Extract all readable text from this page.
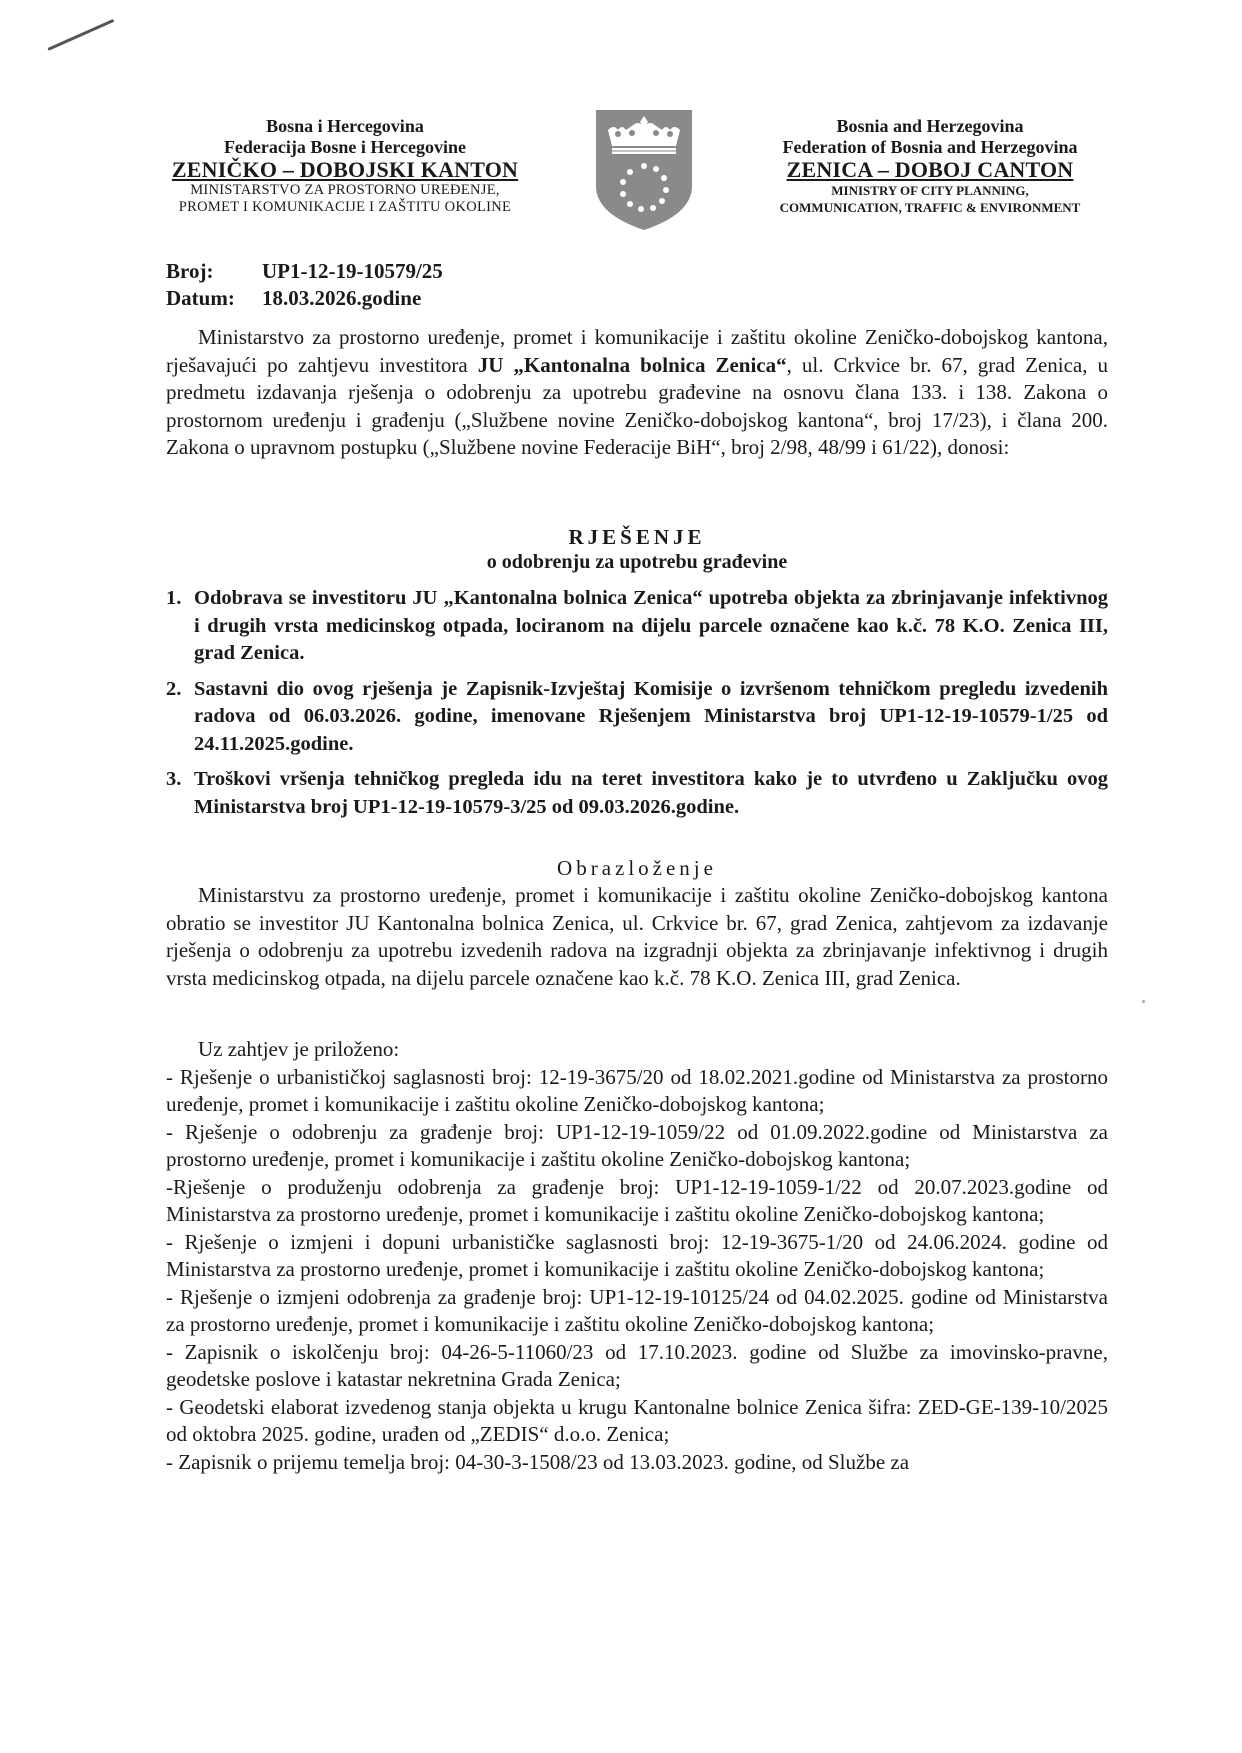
Bosna i Hercegovina
Federacija Bosne i Hercegovine
ZENIČKO – DOBOJSKI KANTON
MINISTARSTVO ZA PROSTORNO UREĐENJE,
PROMET I KOMUNIKACIJE I ZAŠTITU OKOLINE
Bosnia and Herzegovina
Federation of Bosnia and Herzegovina
ZENICA – DOBOJ CANTON
MINISTRY OF CITY PLANNING,
COMMUNICATION, TRAFFIC & ENVIRONMENT
Broj:	UP1-12-19-10579/25
Datum:	18.03.2026.godine
Ministarstvo za prostorno uređenje, promet i komunikacije i zaštitu okoline Zeničko-dobojskog kantona, rješavajući po zahtjevu investitora JU „Kantonalna bolnica Zenica“, ul. Crkvice br. 67, grad Zenica, u predmetu izdavanja rješenja o odobrenju za upotrebu građevine na osnovu člana 133. i 138. Zakona o prostornom uređenju i građenju („Službene novine Zeničko-dobojskog kantona“, broj 17/23), i člana 200. Zakona o upravnom postupku („Službene novine Federacije BiH“, broj 2/98, 48/99 i 61/22), donosi:
RJEŠENJE
o odobrenju za upotrebu građevine
1. Odobrava se investitoru JU „Kantonalna bolnica Zenica“ upotreba objekta za zbrinjavanje infektivnog i drugih vrsta medicinskog otpada, lociranom na dijelu parcele označene kao k.č. 78 K.O. Zenica III, grad Zenica.
2. Sastavni dio ovog rješenja je Zapisnik-Izvještaj Komisije o izvršenom tehničkom pregledu izvedenih radova od 06.03.2026. godine, imenovane Rješenjem Ministarstva broj UP1-12-19-10579-1/25 od 24.11.2025.godine.
3. Troškovi vršenja tehničkog pregleda idu na teret investitora kako je to utvrđeno u Zaključku ovog Ministarstva broj UP1-12-19-10579-3/25 od 09.03.2026.godine.
Obrazloženje
Ministarstvu za prostorno uređenje, promet i komunikacije i zaštitu okoline Zeničko-dobojskog kantona obratio se investitor JU Kantonalna bolnica Zenica, ul. Crkvice br. 67, grad Zenica, zahtjevom za izdavanje rješenja o odobrenju za upotrebu izvedenih radova na izgradnji objekta za zbrinjavanje infektivnog i drugih vrsta medicinskog otpada, na dijelu parcele označene kao k.č. 78 K.O. Zenica III, grad Zenica.
Uz zahtjev je priloženo:
- Rješenje o urbanističkoj saglasnosti broj: 12-19-3675/20 od 18.02.2021.godine od Ministarstva za prostorno uređenje, promet i komunikacije i zaštitu okoline Zeničko-dobojskog kantona;
- Rješenje o odobrenju za građenje broj: UP1-12-19-1059/22 od 01.09.2022.godine od Ministarstva za prostorno uređenje, promet i komunikacije i zaštitu okoline Zeničko-dobojskog kantona;
-Rješenje o produženju odobrenja za građenje broj: UP1-12-19-1059-1/22 od 20.07.2023.godine od Ministarstva za prostorno uređenje, promet i komunikacije i zaštitu okoline Zeničko-dobojskog kantona;
- Rješenje o izmjeni i dopuni urbanističke saglasnosti broj: 12-19-3675-1/20 od 24.06.2024. godine od Ministarstva za prostorno uređenje, promet i komunikacije i zaštitu okoline Zeničko-dobojskog kantona;
- Rješenje o izmjeni odobrenja za građenje broj: UP1-12-19-10125/24 od 04.02.2025. godine od Ministarstva za prostorno uređenje, promet i komunikacije i zaštitu okoline Zeničko-dobojskog kantona;
- Zapisnik o iskolčenju broj: 04-26-5-11060/23 od 17.10.2023. godine od Službe za imovinsko-pravne, geodetske poslove i katastar nekretnina Grada Zenica;
- Geodetski elaborat izvedenog stanja objekta u krugu Kantonalne bolnice Zenica šifra: ZED-GE-139-10/2025 od oktobra 2025. godine, urađen od „ZEDIS“ d.o.o. Zenica;
- Zapisnik o prijemu temelja broj: 04-30-3-1508/23 od 13.03.2023. godine, od Službe za
